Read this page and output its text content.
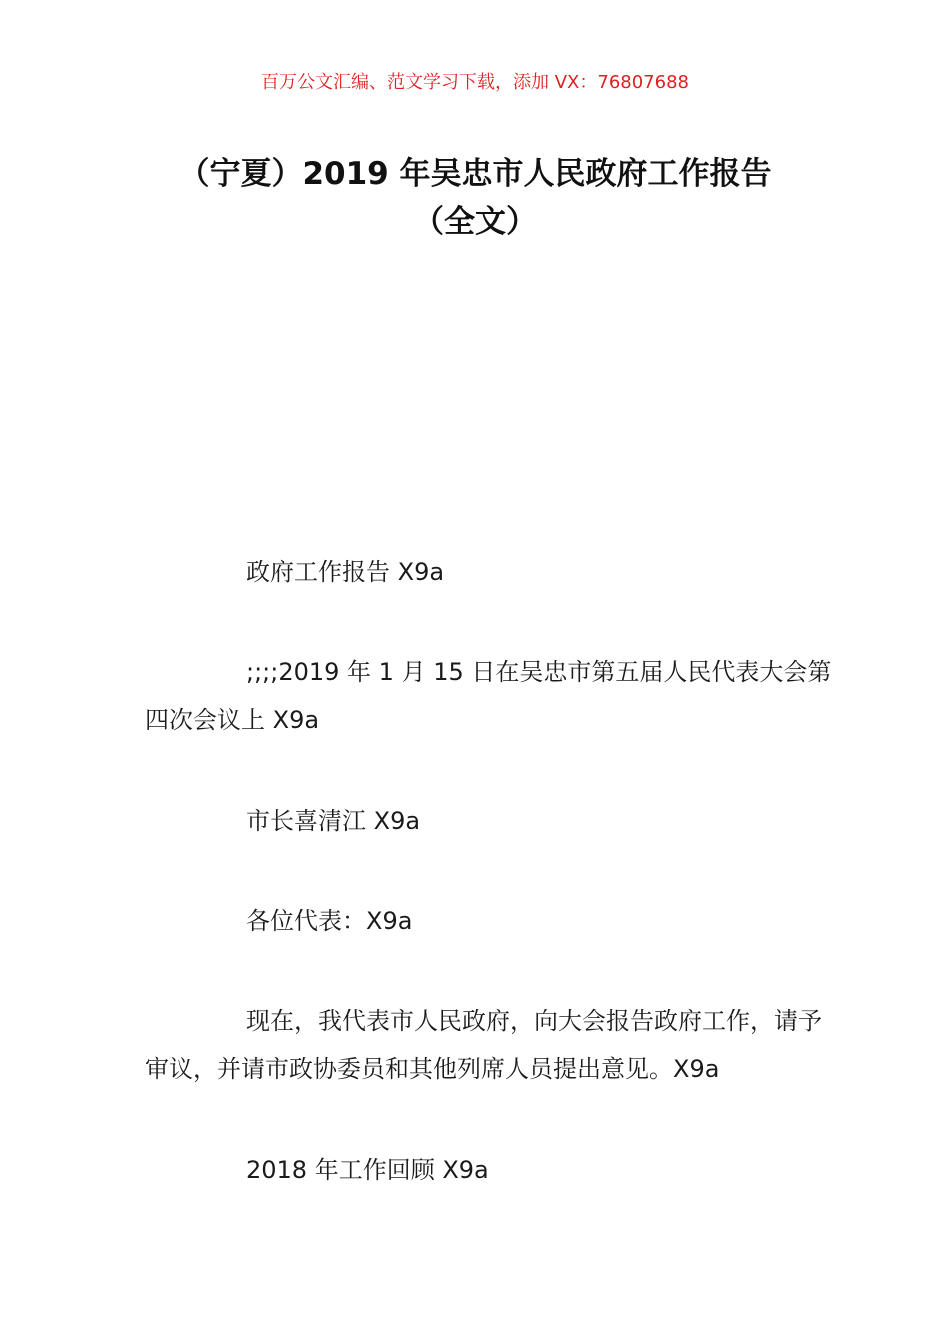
百万公文汇编、范文学习下载，添加 VX：76807688
（宁夏）2019 年吴忠市人民政府工作报告
（全文）

政府工作报告 X9a

;;;;2019 年 1 月 15 日在吴忠市第五届人民代表大会第四次会议上 X9a

市长喜清江 X9a

各位代表：X9a

现在，我代表市人民政府，向大会报告政府工作，请予审议，并请市政协委员和其他列席人员提出意见。X9a

2018 年工作回顾 X9a
